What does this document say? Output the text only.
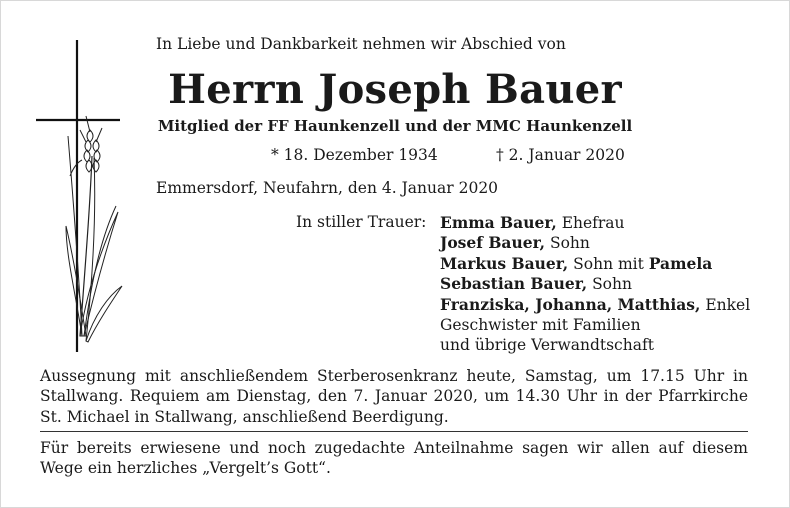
In Liebe und Dankbarkeit nehmen wir Abschied von
Herrn Joseph Bauer
Mitglied der FF Haunkenzell und der MMC Haunkenzell
* 18. Dezember 1934	† 2. Januar 2020
Emmersdorf, Neufahrn, den 4. Januar 2020
In stiller Trauer: Emma Bauer, Ehefrau
Josef Bauer, Sohn
Markus Bauer, Sohn mit Pamela
Sebastian Bauer, Sohn
Franziska, Johanna, Matthias, Enkel
Geschwister mit Familien
und übrige Verwandtschaft
Aussegnung mit anschließendem Sterberosenkranz heute, Samstag, um 17.15 Uhr in Stallwang. Requiem am Dienstag, den 7. Januar 2020, um 14.30 Uhr in der Pfarrkirche St. Michael in Stallwang, anschließend Beerdigung.
Für bereits erwiesene und noch zugedachte Anteilnahme sagen wir allen auf diesem Wege ein herzliches „Vergelt’s Gott“.
